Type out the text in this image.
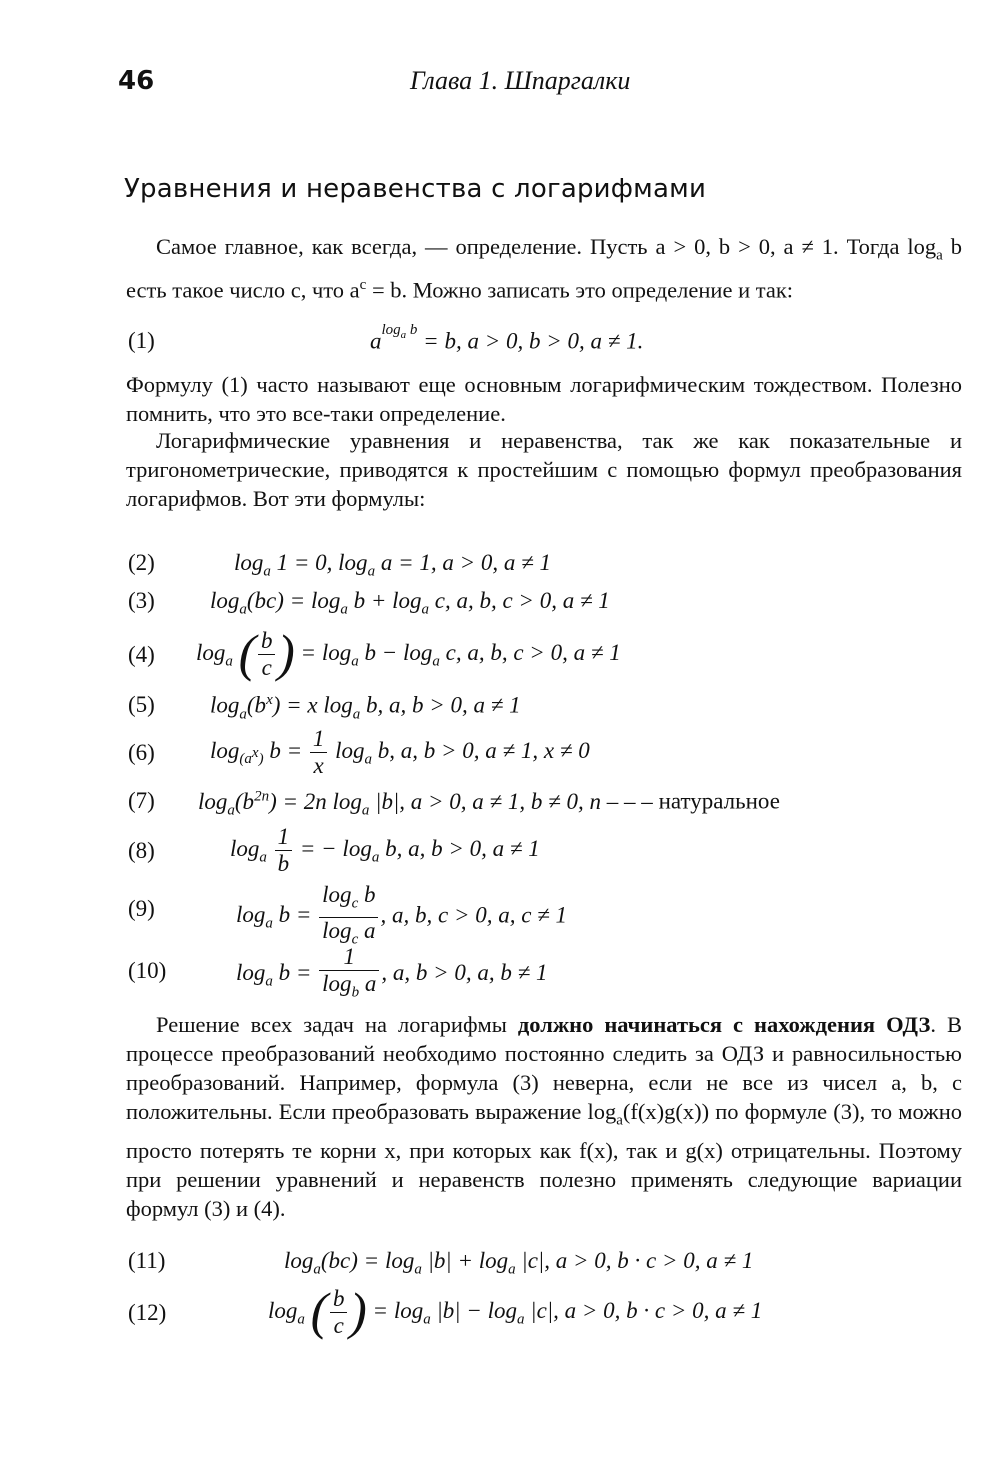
46	Глава 1. Шпаргалки
Уравнения и неравенства с логарифмами
Самое главное, как всегда, — определение. Пусть a > 0, b > 0, a ≠ 1. Тогда $\log_a b$ есть такое число c, что $a^c = b$. Можно записать это определение и так:
(1)	$a^{log_a b} = b$, a > 0, b > 0, a ≠ 1.
Формулу (1) часто называют еще основным логарифмическим тождеством. Полезно помнить, что это все-таки определение.
Логарифмические уравнения и неравенства, так же как показательные и тригонометрические, приводятся к простейшим с помощью формул преобразования логарифмов. Вот эти формулы:
(2)	$\log_a 1 = 0$, $\log_a a = 1$, a > 0, a ≠ 1
(3) $\log_a(bc) = \log_a b + \log_a c$, a, b, c > 0, a ≠ 1
(4) $\log_a$ ( $\frac{b}{c}$ ) = $\log_a b - \log_a c$, a, b, c > 0, a ≠ 1
(5) $\log_a(b^x) = x$ $\log_a b$, a, b > 0, a ≠ 1
(6) $\log_{(a^x)} b = \frac{1}{x} \log_a b$, a, b > 0, a ≠ 1, x ≠ 0
(7) $\log_a(b^{2n}) = 2n$ $\log_a |b|$, a > 0, a ≠ 1, b ≠ 0, n – – – натуральное
(8)	$\log_a \frac{1}{b}$ = − $\log_a b$, a, b > 0, a ≠ 1
(9)	$\log_a b = \frac{\log_c b}{\log_c a}$ , a, b, c > 0, a, c ≠ 1
(10)	$\log_a b = \frac{1}{\log_b a}$ , a, b > 0, a, b ≠ 1
Решение всех задач на логарифмы должно начинаться с нахождения ОДЗ. В процессе преобразований необходимо постоянно следить за ОДЗ и равносильностью преобразований. Например, формула (3) неверна, если не все из чисел a, b, c положительны. Если преобразовать выражение $\log_a(f(x)g(x))$ по формуле (3), то можно просто потерять те корни x, при которых как f(x), так и g(x) отрицательны. Поэтому при решении уравнений и неравенств полезно применять следующие вариации формул (3) и (4).
(11)	$\log_a(bc) = \log_a |b| + \log_a |c|$, a > 0, b · c > 0, a ≠ 1
(12)	$\log_a$ ( $\frac{b}{c}$ ) = $\log_a |b| - \log_a |c|$, a > 0, b · c > 0, a ≠ 1
